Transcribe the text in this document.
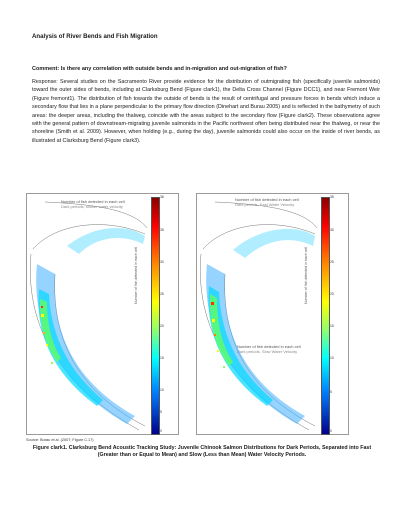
Analysis of River Bends and Fish Migration
Comment: Is there any correlation with outside bends and in-migration and out-migration of fish?
Response: Several studies on the Sacramento River provide evidence for the distribution of outmigrating fish (specifically juvenile salmonids) toward the outer sides of bends, including at Clarksburg Bend (Figure clark1), the Delta Cross Channel (Figure DCC1), and near Fremont Weir (Figure fremont1). The distribution of fish towards the outside of bends is the result of centrifugal and pressure forces in bends which induce a secondary flow that lies in a plane perpendicular to the primary flow direction (Dinehart and Burau 2005) and is reflected in the bathymetry of such areas: the deeper areas, including the thalweg, coincide with the areas subject to the secondary flow (Figure clark2). These observations agree with the general pattern of downstream-migrating juvenile salmonids in the Pacific northwest often being distributed near the thalweg, or near the shoreline (Smith et al. 2009). However, when holding (e.g., during the day), juvenile salmonids could also occur on the inside of river bends, as illustrated at Clarksburg Bend (Figure clark3).
Number of fish detected in each cell
Dark periods, slower water velocity
Number of fish detected in each cell
36
35
30
25
20
15
10
5
0
Number of fish detected in each cell
Dark periods, Fast Water Velocity
Number of fish detected in each cell
Dark periods, Slow Water Velocity
Number of fish detected in each cell
35
30
25
20
15
10
5
0
Source: Burau et al. (2007; Figure C.17)
Figure clark1. Clarksburg Bend Acoustic Tracking Study: Juvenile Chinook Salmon Distributions for Dark Periods, Separated into Fast (Greater than or Equal to Mean) and Slow (Less than Mean) Water Velocity Periods.
